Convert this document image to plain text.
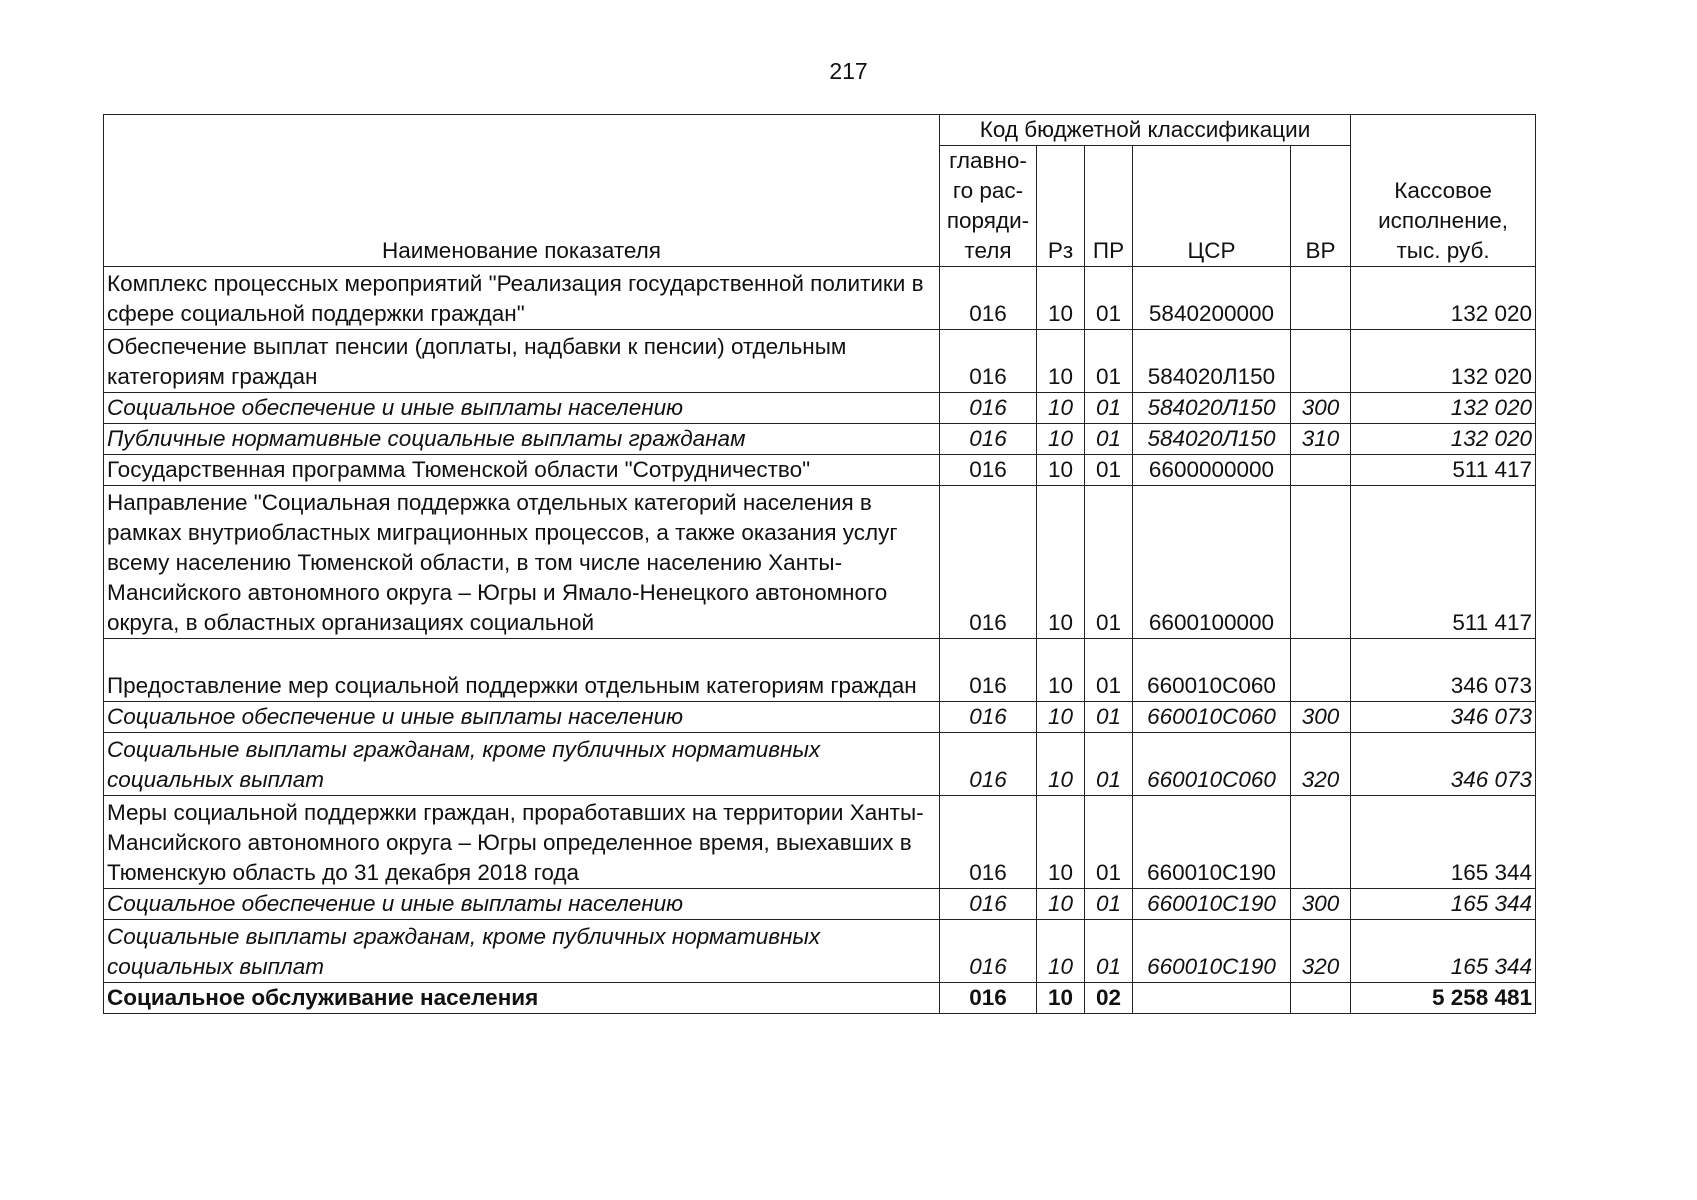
217
Наименование показателя	Код бюджетной классификации					Кассовое исполнение, тыс. руб.
	главно-го рас-поряди-теля	Рз	ПР	ЦСР	ВР	
Комплекс процессных мероприятий "Реализация государственной политики в сфере социальной поддержки граждан"	016	10	01	5840200000		132 020
Обеспечение выплат пенсии (доплаты, надбавки к пенсии) отдельным категориям граждан	016	10	01	584020Л150		132 020
Социальное обеспечение и иные выплаты населению	016	10	01	584020Л150	300	132 020
Публичные нормативные социальные выплаты гражданам	016	10	01	584020Л150	310	132 020
Государственная программа Тюменской области "Сотрудничество"	016	10	01	6600000000		511 417
Направление "Социальная поддержка отдельных категорий населения в рамках внутриобластных миграционных процессов, а также оказания услуг всему населению Тюменской области, в том числе населению Ханты-Мансийского автономного округа – Югры и Ямало-Ненецкого автономного округа, в областных организациях социальной	016	10	01	6600100000		511 417
Предоставление мер социальной поддержки отдельным категориям граждан	016	10	01	660010С060		346 073
Социальное обеспечение и иные выплаты населению	016	10	01	660010С060	300	346 073
Социальные выплаты гражданам, кроме публичных нормативных социальных выплат	016	10	01	660010С060	320	346 073
Меры социальной поддержки граждан, проработавших на территории Ханты-Мансийского автономного округа – Югры определенное время, выехавших в Тюменскую область до 31 декабря 2018 года	016	10	01	660010С190		165 344
Социальное обеспечение и иные выплаты населению	016	10	01	660010С190	300	165 344
Социальные выплаты гражданам, кроме публичных нормативных социальных выплат	016	10	01	660010С190	320	165 344
Социальное обслуживание населения	016	10	02			5 258 481
